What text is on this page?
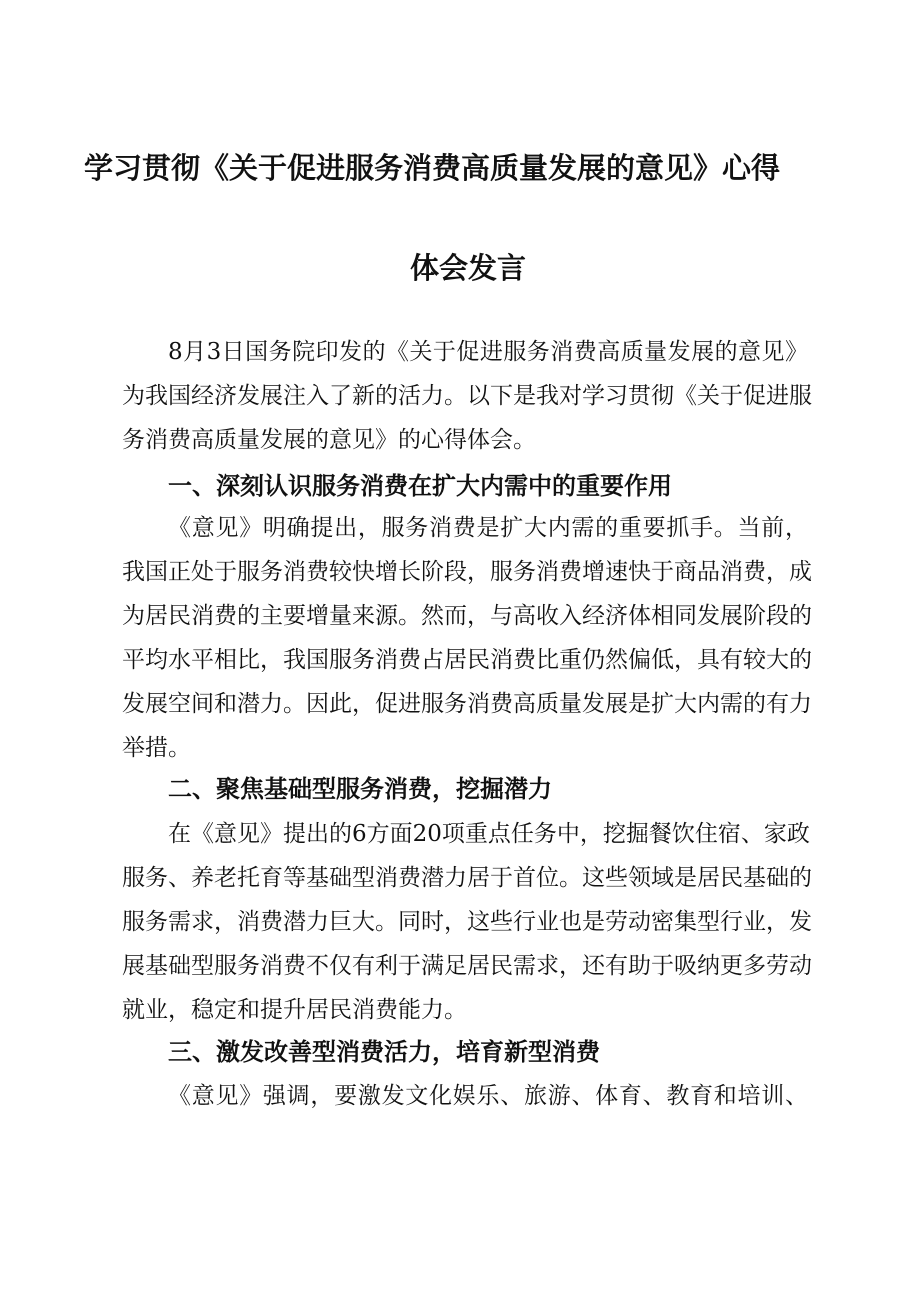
学习贯彻《关于促进服务消费高质量发展的意见》心得
体会发言
8月3日国务院印发的《关于促进服务消费高质量发展的意见》
为我国经济发展注入了新的活力。以下是我对学习贯彻《关于促进服
务消费高质量发展的意见》的心得体会。
一、深刻认识服务消费在扩大内需中的重要作用
《意见》明确提出，服务消费是扩大内需的重要抓手。当前，
我国正处于服务消费较快增长阶段，服务消费增速快于商品消费，成
为居民消费的主要增量来源。然而，与高收入经济体相同发展阶段的
平均水平相比，我国服务消费占居民消费比重仍然偏低，具有较大的
发展空间和潜力。因此，促进服务消费高质量发展是扩大内需的有力
举措。
二、聚焦基础型服务消费，挖掘潜力
在《意见》提出的6方面20项重点任务中，挖掘餐饮住宿、家政
服务、养老托育等基础型消费潜力居于首位。这些领域是居民基础的
服务需求，消费潜力巨大。同时，这些行业也是劳动密集型行业，发
展基础型服务消费不仅有利于满足居民需求，还有助于吸纳更多劳动
就业，稳定和提升居民消费能力。
三、激发改善型消费活力，培育新型消费
《意见》强调，要激发文化娱乐、旅游、体育、教育和培训、
